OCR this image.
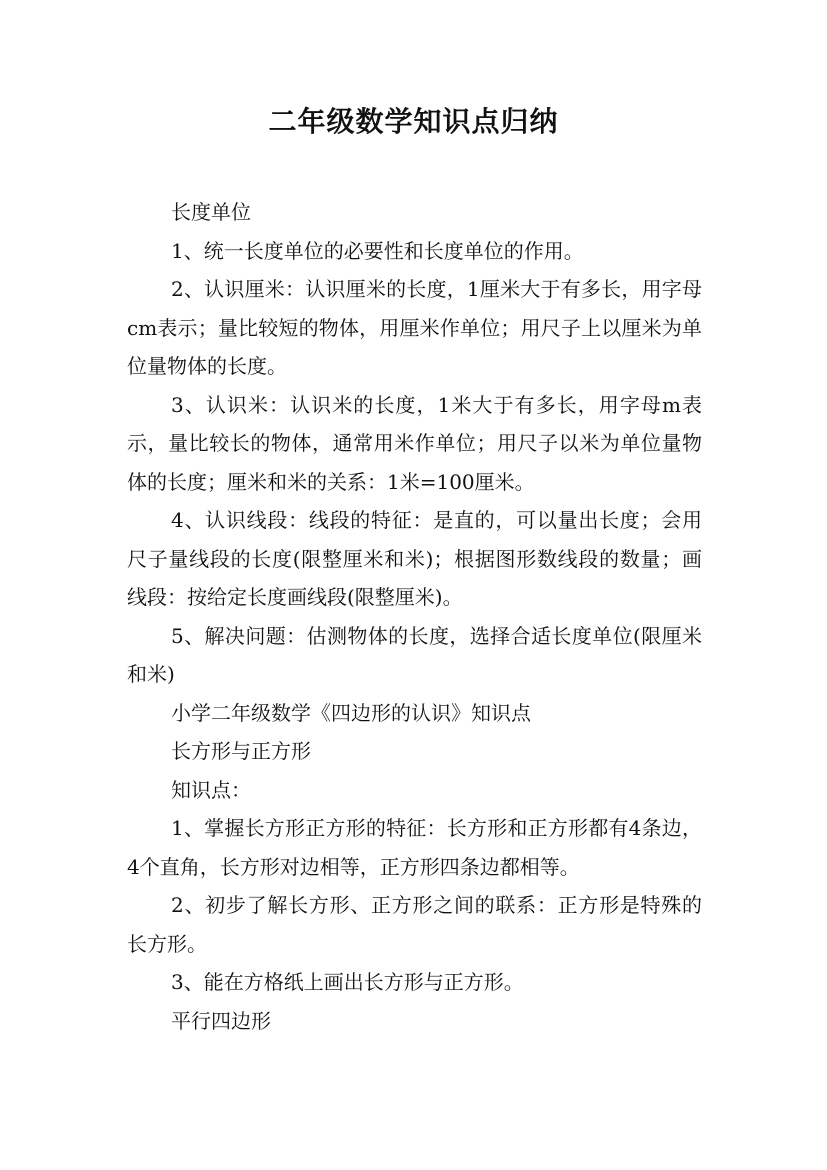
二年级数学知识点归纳

长度单位

1、统一长度单位的必要性和长度单位的作用。

2、认识厘米：认识厘米的长度，1厘米大于有多长，用字母cm表示；量比较短的物体，用厘米作单位；用尺子上以厘米为单位量物体的长度。

3、认识米：认识米的长度，1米大于有多长，用字母m表示，量比较长的物体，通常用米作单位；用尺子以米为单位量物体的长度；厘米和米的关系：1米=100厘米。

4、认识线段：线段的特征：是直的，可以量出长度；会用尺子量线段的长度(限整厘米和米)；根据图形数线段的数量；画线段：按给定长度画线段(限整厘米)。

5、解决问题：估测物体的长度，选择合适长度单位(限厘米和米)

小学二年级数学《四边形的认识》知识点

长方形与正方形

知识点：

1、掌握长方形正方形的特征：长方形和正方形都有4条边，4个直角，长方形对边相等，正方形四条边都相等。

2、初步了解长方形、正方形之间的联系：正方形是特殊的长方形。

3、能在方格纸上画出长方形与正方形。

平行四边形
